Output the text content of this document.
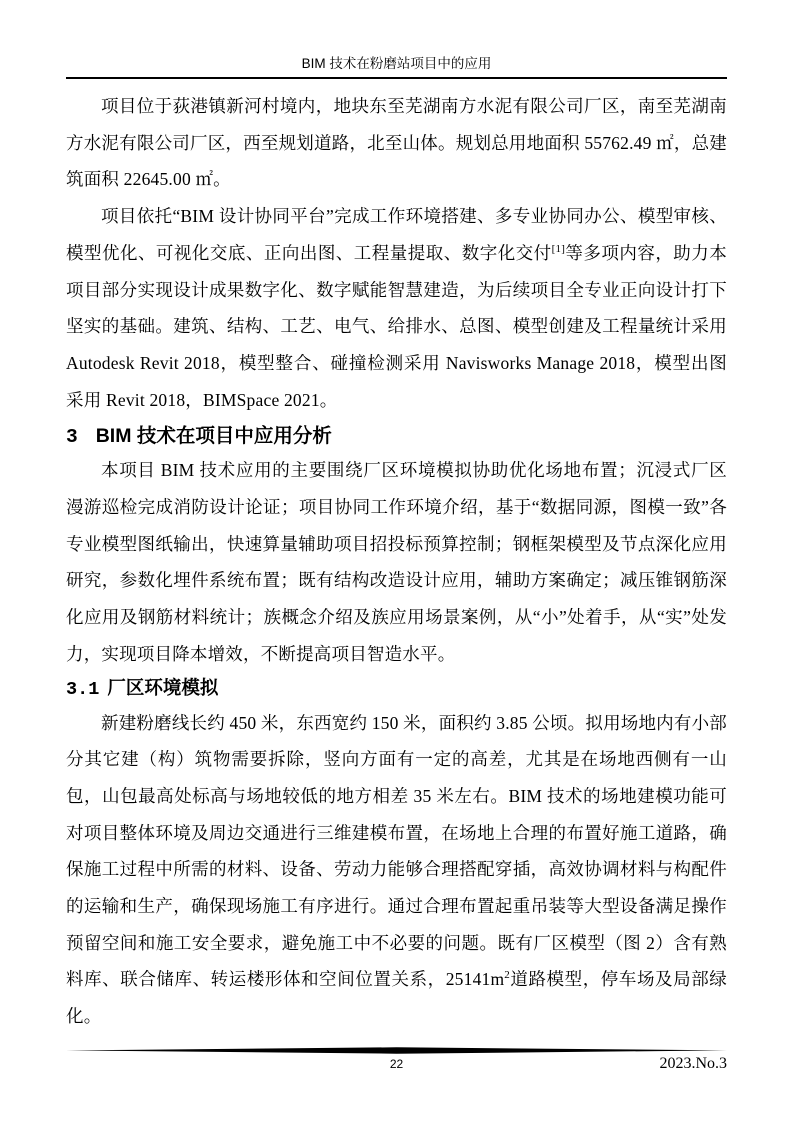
BIM 技术在粉磨站项目中的应用

项目位于荻港镇新河村境内，地块东至芜湖南方水泥有限公司厂区，南至芜湖南方水泥有限公司厂区，西至规划道路，北至山体。规划总用地面积 55762.49 ㎡，总建筑面积 22645.00 ㎡。

项目依托“BIM 设计协同平台”完成工作环境搭建、多专业协同办公、模型审核、模型优化、可视化交底、正向出图、工程量提取、数字化交付[1]等多项内容，助力本项目部分实现设计成果数字化、数字赋能智慧建造，为后续项目全专业正向设计打下坚实的基础。建筑、结构、工艺、电气、给排水、总图、模型创建及工程量统计采用 Autodesk Revit 2018，模型整合、碰撞检测采用 Navisworks Manage 2018，模型出图采用 Revit 2018，BIMSpace 2021。

3 BIM 技术在项目中应用分析

本项目 BIM 技术应用的主要围绕厂区环境模拟协助优化场地布置；沉浸式厂区漫游巡检完成消防设计论证；项目协同工作环境介绍，基于“数据同源，图模一致”各专业模型图纸输出，快速算量辅助项目招投标预算控制；钢框架模型及节点深化应用研究，参数化埋件系统布置；既有结构改造设计应用，辅助方案确定；减压锥钢筋深化应用及钢筋材料统计；族概念介绍及族应用场景案例，从“小”处着手，从“实”处发力，实现项目降本增效，不断提高项目智造水平。

3.1 厂区环境模拟

新建粉磨线长约 450 米，东西宽约 150 米，面积约 3.85 公顷。拟用场地内有小部分其它建（构）筑物需要拆除，竖向方面有一定的高差，尤其是在场地西侧有一山包，山包最高处标高与场地较低的地方相差 35 米左右。BIM 技术的场地建模功能可对项目整体环境及周边交通进行三维建模布置，在场地上合理的布置好施工道路，确保施工过程中所需的材料、设备、劳动力能够合理搭配穿插，高效协调材料与构配件的运输和生产，确保现场施工有序进行。通过合理布置起重吊装等大型设备满足操作预留空间和施工安全要求，避免施工中不必要的问题。既有厂区模型（图 2）含有熟料库、联合储库、转运楼形体和空间位置关系，25141m$^2$道路模型，停车场及局部绿化。

22	2023.No.3
